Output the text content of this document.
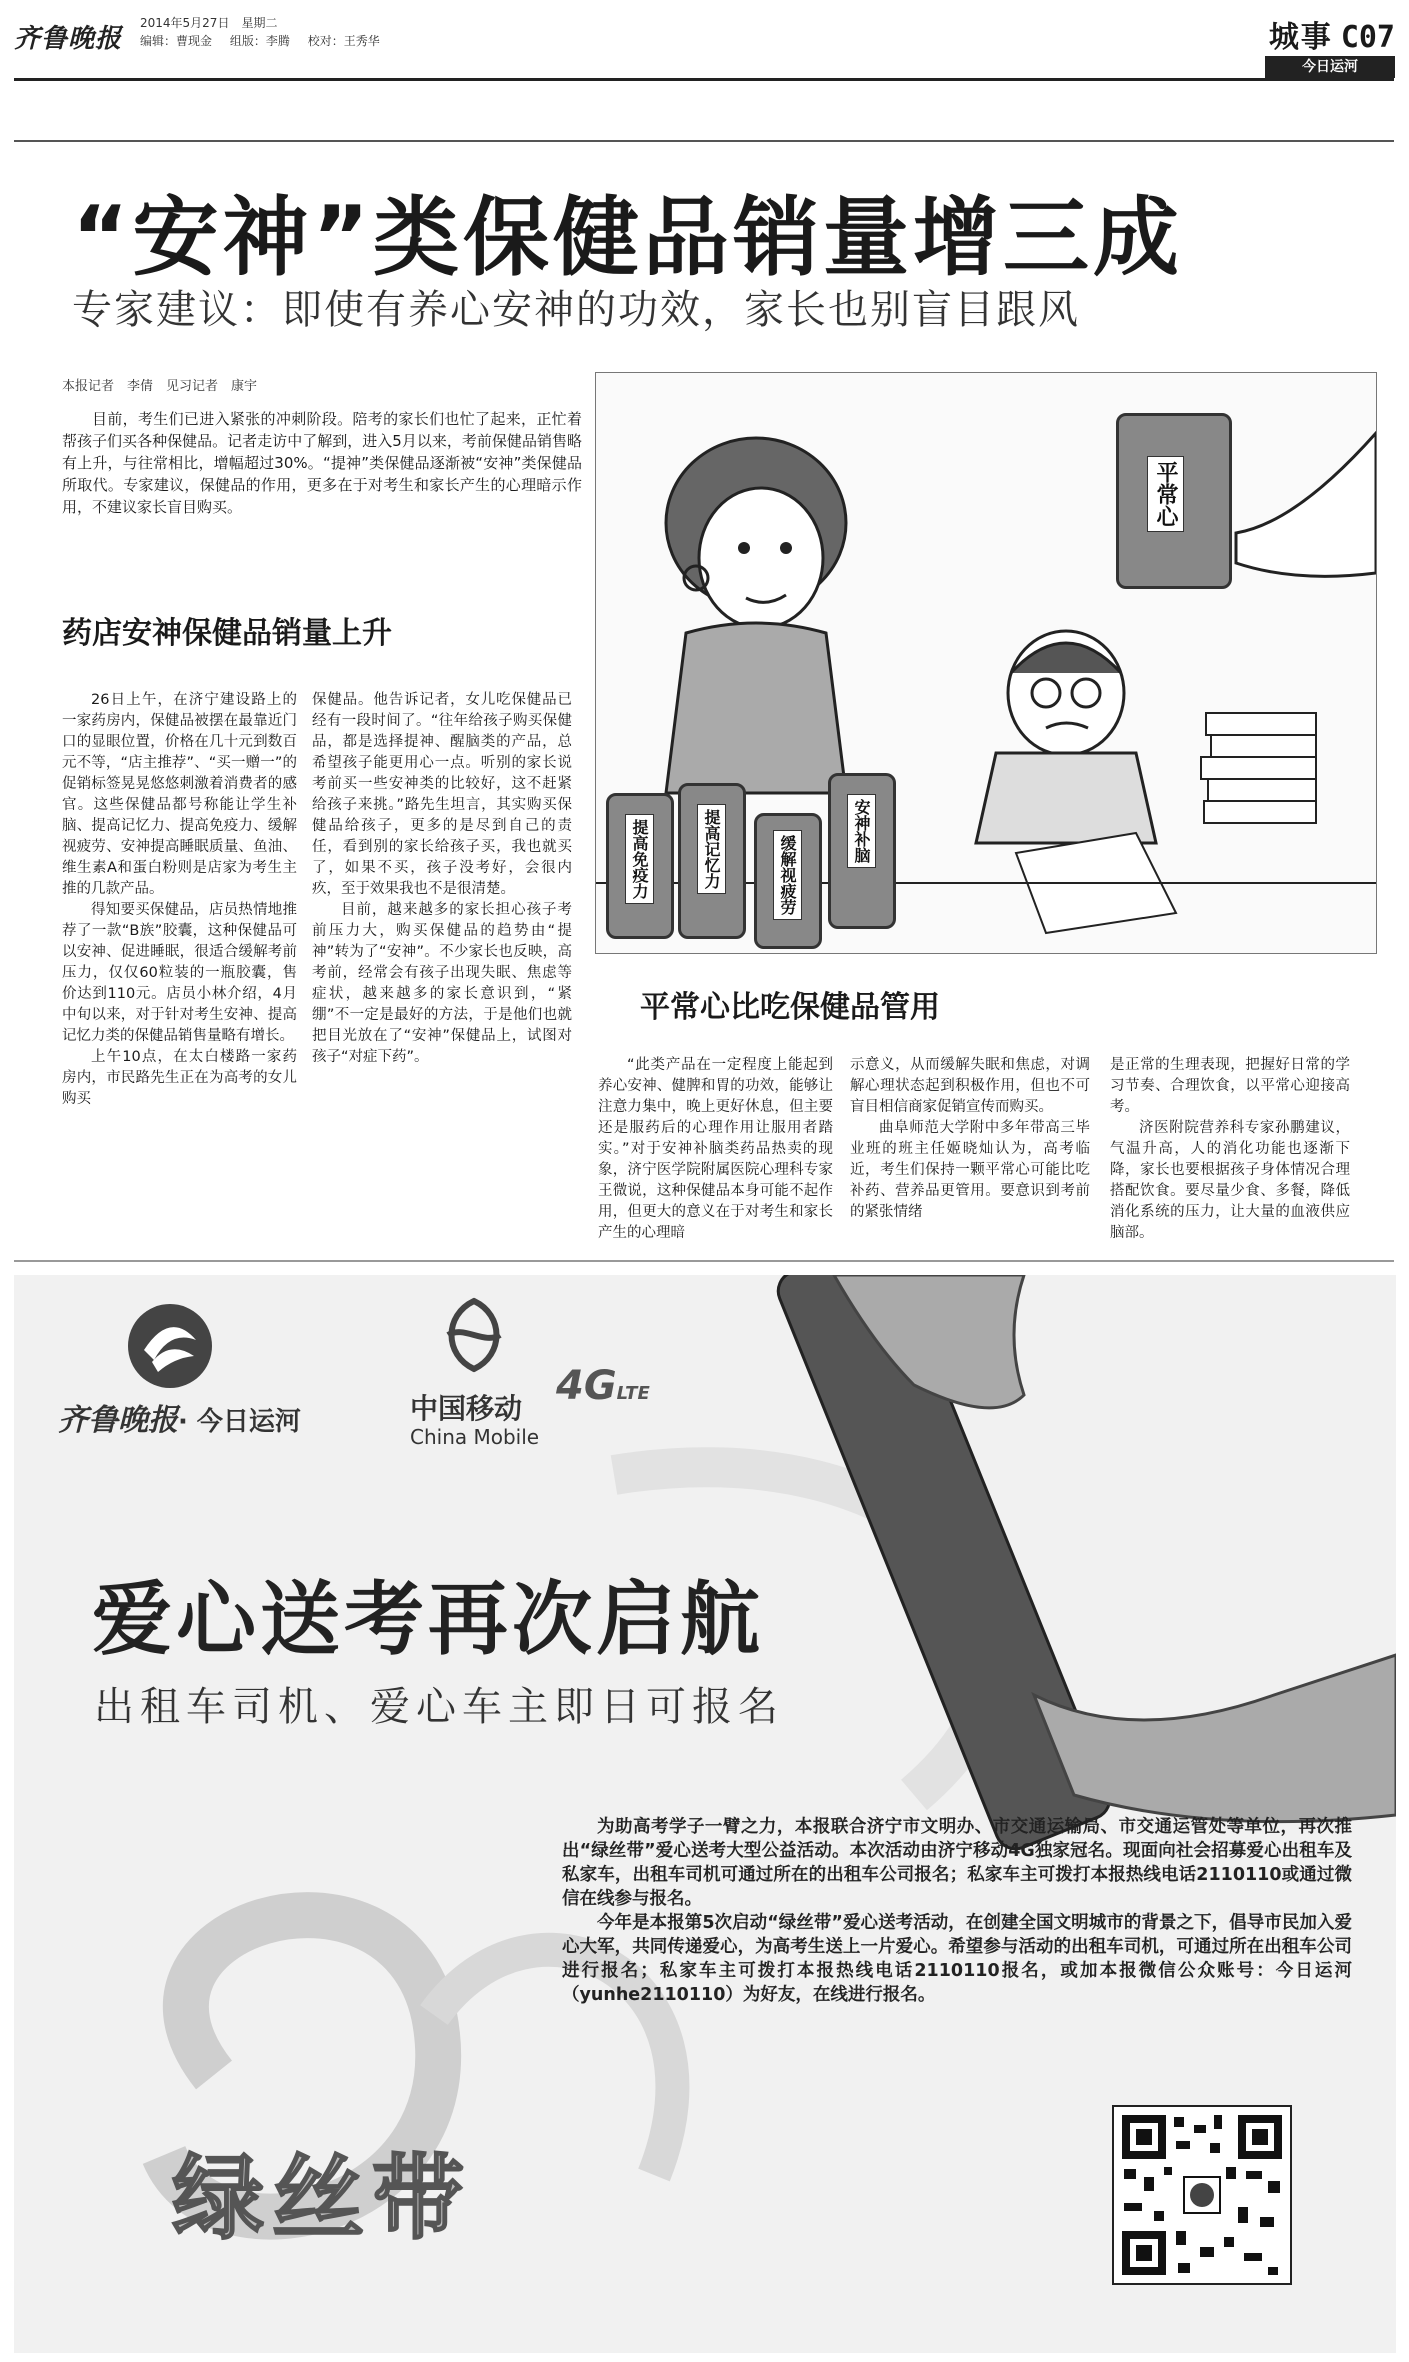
齐鲁晚报
2014年5月27日　星期二
编辑：曹现金 组版：李腾 校对：王秀华	城事 C07
今日运河
“安神”类保健品销量增三成
专家建议：即使有养心安神的功效，家长也别盲目跟风
本报记者　李倩　见习记者　康宇
目前，考生们已进入紧张的冲刺阶段。陪考的家长们也忙了起来，正忙着帮孩子们买各种保健品。记者走访中了解到，进入5月以来，考前保健品销售略有上升，与往常相比，增幅超过30%。“提神”类保健品逐渐被“安神”类保健品所取代。专家建议，保健品的作用，更多在于对考生和家长产生的心理暗示作用，不建议家长盲目购买。
药店安神保健品销量上升

26日上午，在济宁建设路上的一家药房内，保健品被摆在最靠近门口的显眼位置，价格在几十元到数百元不等，“店主推荐”、“买一赠一”的促销标签晃晃悠悠刺激着消费者的感官。这些保健品都号称能让学生补脑、提高记忆力、提高免疫力、缓解视疲劳、安神提高睡眠质量、鱼油、维生素A和蛋白粉则是店家为考生主推的几款产品。

得知要买保健品，店员热情地推荐了一款“B族”胶囊，这种保健品可以安神、促进睡眠，很适合缓解考前压力，仅仅60粒装的一瓶胶囊，售价达到110元。店员小林介绍，4月中旬以来，对于针对考生安神、提高记忆力类的保健品销售量略有增长。

上午10点，在太白楼路一家药房内，市民路先生正在为高考的女儿购买

保健品。他告诉记者，女儿吃保健品已经有一段时间了。“往年给孩子购买保健品，都是选择提神、醒脑类的产品，总希望孩子能更用心一点。听别的家长说考前买一些安神类的比较好，这不赶紧给孩子来挑。”路先生坦言，其实购买保健品给孩子，更多的是尽到自己的责任，看到别的家长给孩子买，我也就买了，如果不买，孩子没考好，会很内疚，至于效果我也不是很清楚。

目前，越来越多的家长担心孩子考前压力大，购买保健品的趋势由“提神”转为了“安神”。不少家长也反映，高考前，经常会有孩子出现失眠、焦虑等症状，越来越多的家长意识到，“紧绷”不一定是最好的方法，于是他们也就把目光放在了“安神”保健品上，试图对孩子“对症下药”。

平常心
提高免疫力	提高记忆力	缓解视疲劳
安神补脑
平常心比吃保健品管用

“此类产品在一定程度上能起到养心安神、健脾和胃的功效，能够让注意力集中，晚上更好休息，但主要还是服药后的心理作用让服用者踏实。”对于安神补脑类药品热卖的现象，济宁医学院附属医院心理科专家王微说，这种保健品本身可能不起作用，但更大的意义在于对考生和家长产生的心理暗

示意义，从而缓解失眠和焦虑，对调解心理状态起到积极作用，但也不可盲目相信商家促销宣传而购买。

曲阜师范大学附中多年带高三毕业班的班主任姬晓灿认为，高考临近，考生们保持一颗平常心可能比吃补药、营养品更管用。要意识到考前的紧张情绪

是正常的生理表现，把握好日常的学习节奏、合理饮食，以平常心迎接高考。

济医附院营养科专家孙鹏建议，气温升高，人的消化功能也逐渐下降，家长也要根据孩子身体情况合理搭配饮食。要尽量少食、多餐，降低消化系统的压力，让大量的血液供应脑部。

齐鲁晚报· 今日运河	中国移动
China Mobile
4GLTE
爱心送考再次启航
出租车司机、爱心车主即日可报名

为助高考学子一臂之力，本报联合济宁市文明办、市交通运输局、市交通运管处等单位，再次推出“绿丝带”爱心送考大型公益活动。本次活动由济宁移动4G独家冠名。现面向社会招募爱心出租车及私家车，出租车司机可通过所在的出租车公司报名；私家车主可拨打本报热线电话2110110或通过微信在线参与报名。

今年是本报第5次启动“绿丝带”爱心送考活动，在创建全国文明城市的背景之下，倡导市民加入爱心大军，共同传递爱心，为高考生送上一片爱心。希望参与活动的出租车司机，可通过所在出租车公司进行报名；私家车主可拨打本报热线电话2110110报名，或加本报微信公众账号：今日运河（yunhe2110110）为好友，在线进行报名。

绿丝带
